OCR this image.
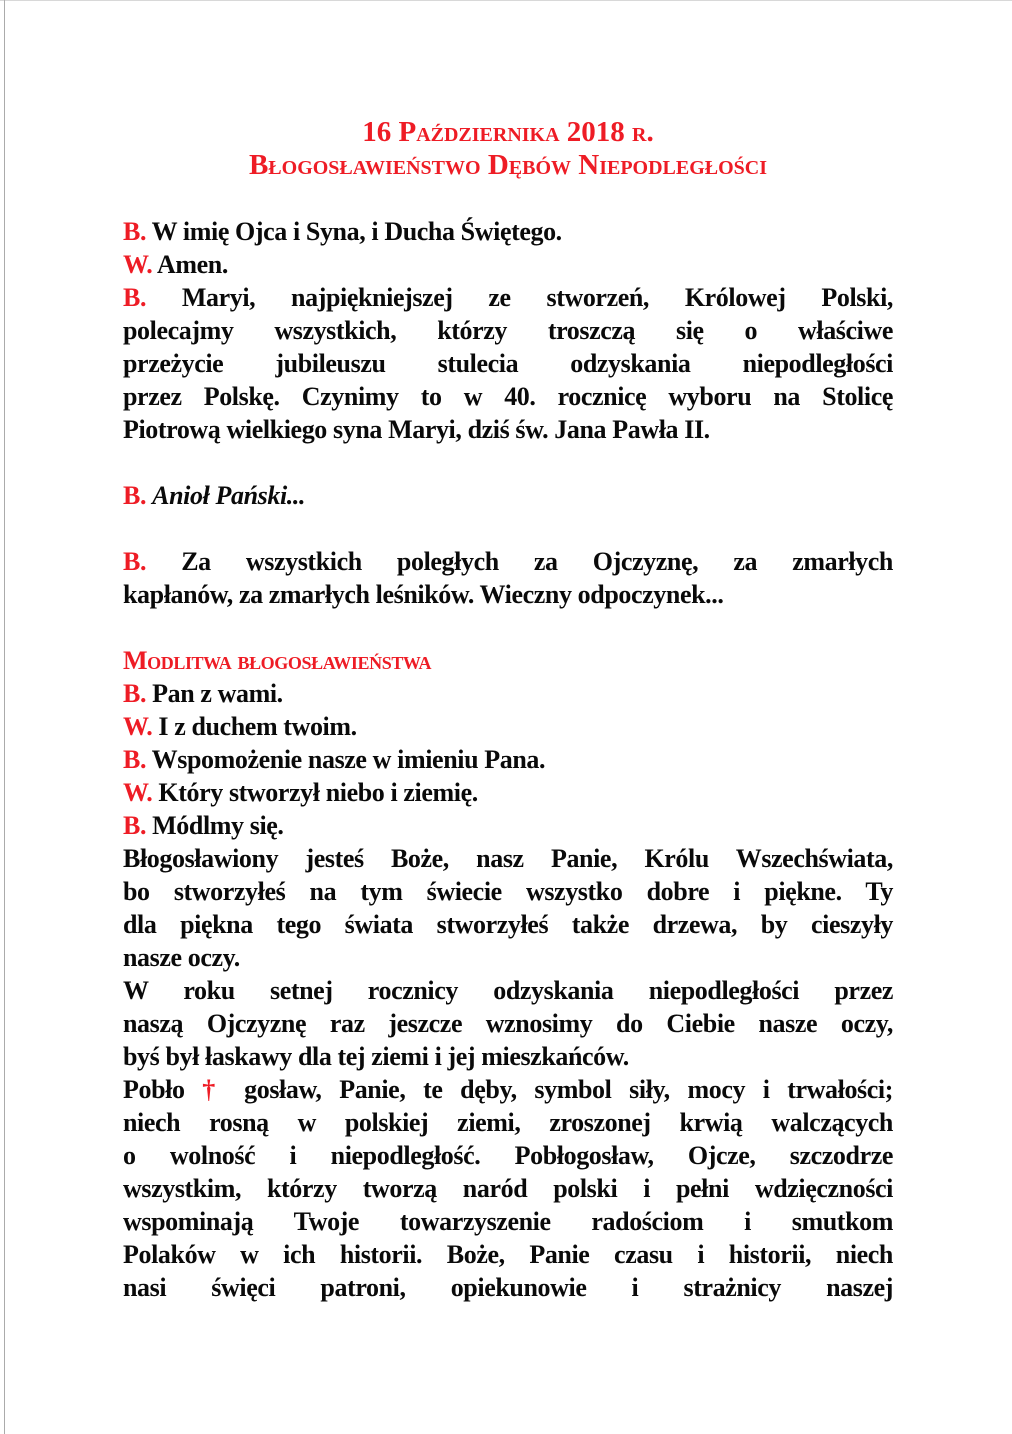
16 Października 2018 r.
Błogosławieństwo Dębów Niepodległości
B. W imię Ojca i Syna, i Ducha Świętego.
W. Amen.
B. Maryi, najpiękniejszej ze stworzeń, Królowej Polski,
polecajmy wszystkich, którzy troszczą się o właściwe
przeżycie jubileuszu stulecia odzyskania niepodległości
przez Polskę. Czynimy to w 40. rocznicę wyboru na Stolicę
Piotrową wielkiego syna Maryi, dziś św. Jana Pawła II.
B. Anioł Pański...
B. Za wszystkich poległych za Ojczyznę, za zmarłych
kapłanów, za zmarłych leśników. Wieczny odpoczynek...
Modlitwa błogosławieństwa
B. Pan z wami.
W. I z duchem twoim.
B. Wspomożenie nasze w imieniu Pana.
W. Który stworzył niebo i ziemię.
B. Módlmy się.
Błogosławiony jesteś Boże, nasz Panie, Królu Wszechświata,
bo stworzyłeś na tym świecie wszystko dobre i piękne. Ty
dla piękna tego świata stworzyłeś także drzewa, by cieszyły
nasze oczy.
W roku setnej rocznicy odzyskania niepodległości przez
naszą Ojczyznę raz jeszcze wznosimy do Ciebie nasze oczy,
byś był łaskawy dla tej ziemi i jej mieszkańców.
Pobło † gosław, Panie, te dęby, symbol siły, mocy i trwałości;
niech rosną w polskiej ziemi, zroszonej krwią walczących
o wolność i niepodległość. Pobłogosław, Ojcze, szczodrze
wszystkim, którzy tworzą naród polski i pełni wdzięczności
wspominają Twoje towarzyszenie radościom i smutkom
Polaków w ich historii. Boże, Panie czasu i historii, niech
nasi święci patroni, opiekunowie i strażnicy naszej
